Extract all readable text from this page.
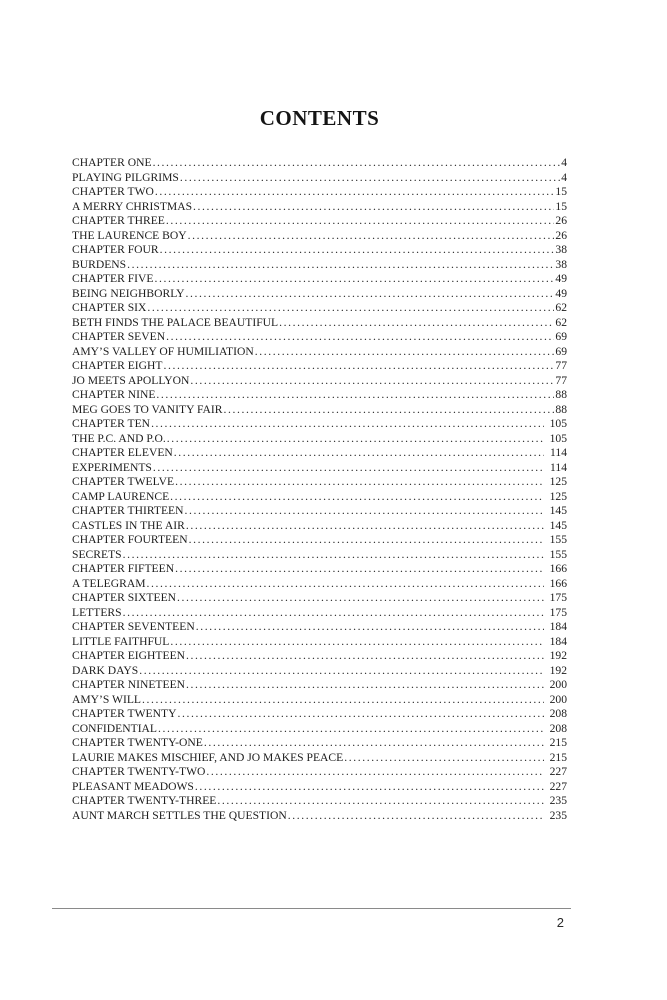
CONTENTS
CHAPTER ONE .....	4
PLAYING PILGRIMS .....	4
CHAPTER TWO .....	15
A MERRY CHRISTMAS .....	15
CHAPTER THREE .....	26
THE LAURENCE BOY .....	26
CHAPTER FOUR .....	38
BURDENS .....	38
CHAPTER FIVE .....	49
BEING NEIGHBORLY .....	49
CHAPTER SIX .....	62
BETH FINDS THE PALACE BEAUTIFUL .....	62
CHAPTER SEVEN .....	69
AMY’S VALLEY OF HUMILIATION .....	69
CHAPTER EIGHT .....	77
JO MEETS APOLLYON .....	77
CHAPTER NINE .....	88
MEG GOES TO VANITY FAIR .....	88
CHAPTER TEN .....	105
THE P.C. AND P.O. .....	105
CHAPTER ELEVEN .....	114
EXPERIMENTS .....	114
CHAPTER TWELVE .....	125
CAMP LAURENCE .....	125
CHAPTER THIRTEEN .....	145
CASTLES IN THE AIR .....	145
CHAPTER FOURTEEN .....	155
SECRETS .....	155
CHAPTER FIFTEEN .....	166
A TELEGRAM .....	166
CHAPTER SIXTEEN .....	175
LETTERS .....	175
CHAPTER SEVENTEEN .....	184
LITTLE FAITHFUL .....	184
CHAPTER EIGHTEEN .....	192
DARK DAYS .....	192
CHAPTER NINETEEN .....	200
AMY’S WILL .....	200
CHAPTER TWENTY .....	208
CONFIDENTIAL .....	208
CHAPTER TWENTY-ONE .....	215
LAURIE MAKES MISCHIEF, AND JO MAKES PEACE .....	215
CHAPTER TWENTY-TWO .....	227
PLEASANT MEADOWS .....	227
CHAPTER TWENTY-THREE .....	235
AUNT MARCH SETTLES THE QUESTION .....	235
2
